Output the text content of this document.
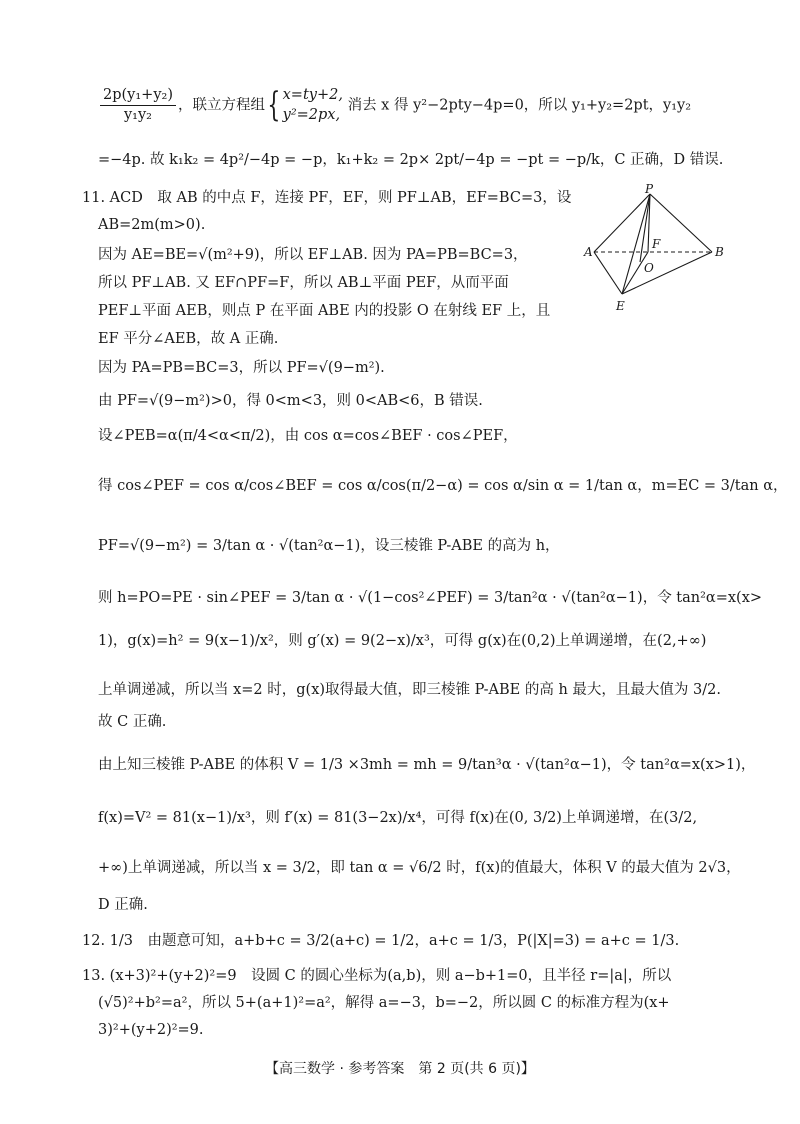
$\frac{\text{2p(y₁+y₂)}}{\text{y₁y₂}}$ ，联立方程组{ x=ty+2,
y²=2px,
消去 x 得 y²−2pty−4p=0，所以 y₁+y₂=2pt，y₁y₂
=−4p. 故 k₁k₂ = 4p²/−4p = −p，k₁+k₂ = 2p× 2pt/−4p = −pt = −p/k，C 正确，D 错误.
11. ACD　取 AB 的中点 F，连接 PF，EF，则 PF⊥AB，EF=BC=3，设
AB=2m(m>0).
因为 AE=BE=√(m²+9)，所以 EF⊥AB. 因为 PA=PB=BC=3，
所以 PF⊥AB. 又 EF∩PF=F，所以 AB⊥平面 PEF，从而平面
PEF⊥平面 AEB，则点 P 在平面 ABE 内的投影 O 在射线 EF 上，且
EF 平分∠AEB，故 A 正确.
因为 PA=PB=BC=3，所以 PF=√(9−m²).
由 PF=√(9−m²)>0，得 0<m<3，则 0<AB<6，B 错误.
设∠PEB=α(π/4<α<π/2)，由 cos α=cos∠BEF · cos∠PEF，
得 cos∠PEF = cos α/cos∠BEF = cos α/cos(π/2−α) = cos α/sin α = 1/tan α，m=EC = 3/tan α，
PF=√(9−m²) = 3/tan α · √(tan²α−1)，设三棱锥 P-ABE 的高为 h，
则 h=PO=PE · sin∠PEF = 3/tan α · √(1−cos²∠PEF) = 3/tan²α · √(tan²α−1)，令 tan²α=x(x>
1)，g(x)=h² = 9(x−1)/x²，则 g′(x) = 9(2−x)/x³，可得 g(x)在(0,2)上单调递增，在(2,+∞)
上单调递减，所以当 x=2 时，g(x)取得最大值，即三棱锥 P-ABE 的高 h 最大，且最大值为 3/2.
故 C 正确.
由上知三棱锥 P-ABE 的体积 V = 1/3 ×3mh = mh = 9/tan³α · √(tan²α−1)，令 tan²α=x(x>1)，
f(x)=V² = 81(x−1)/x³，则 f′(x) = 81(3−2x)/x⁴，可得 f(x)在(0, 3/2)上单调递增，在(3/2,
+∞)上单调递减，所以当 x = 3/2，即 tan α = √6/2 时，f(x)的值最大，体积 V 的最大值为 2√3，
D 正确.
12. 1/3　由题意可知，a+b+c = 3/2(a+c) = 1/2，a+c = 1/3，P(|X|=3) = a+c = 1/3.
13. (x+3)²+(y+2)²=9　设圆 C 的圆心坐标为(a,b)，则 a−b+1=0，且半径 r=|a|，所以
(√5)²+b²=a²，所以 5+(a+1)²=a²，解得 a=−3，b=−2，所以圆 C 的标准方程为(x+
3)²+(y+2)²=9.
P
A
F
B
O
E
【高三数学 · 参考答案　第 2 页(共 6 页)】
